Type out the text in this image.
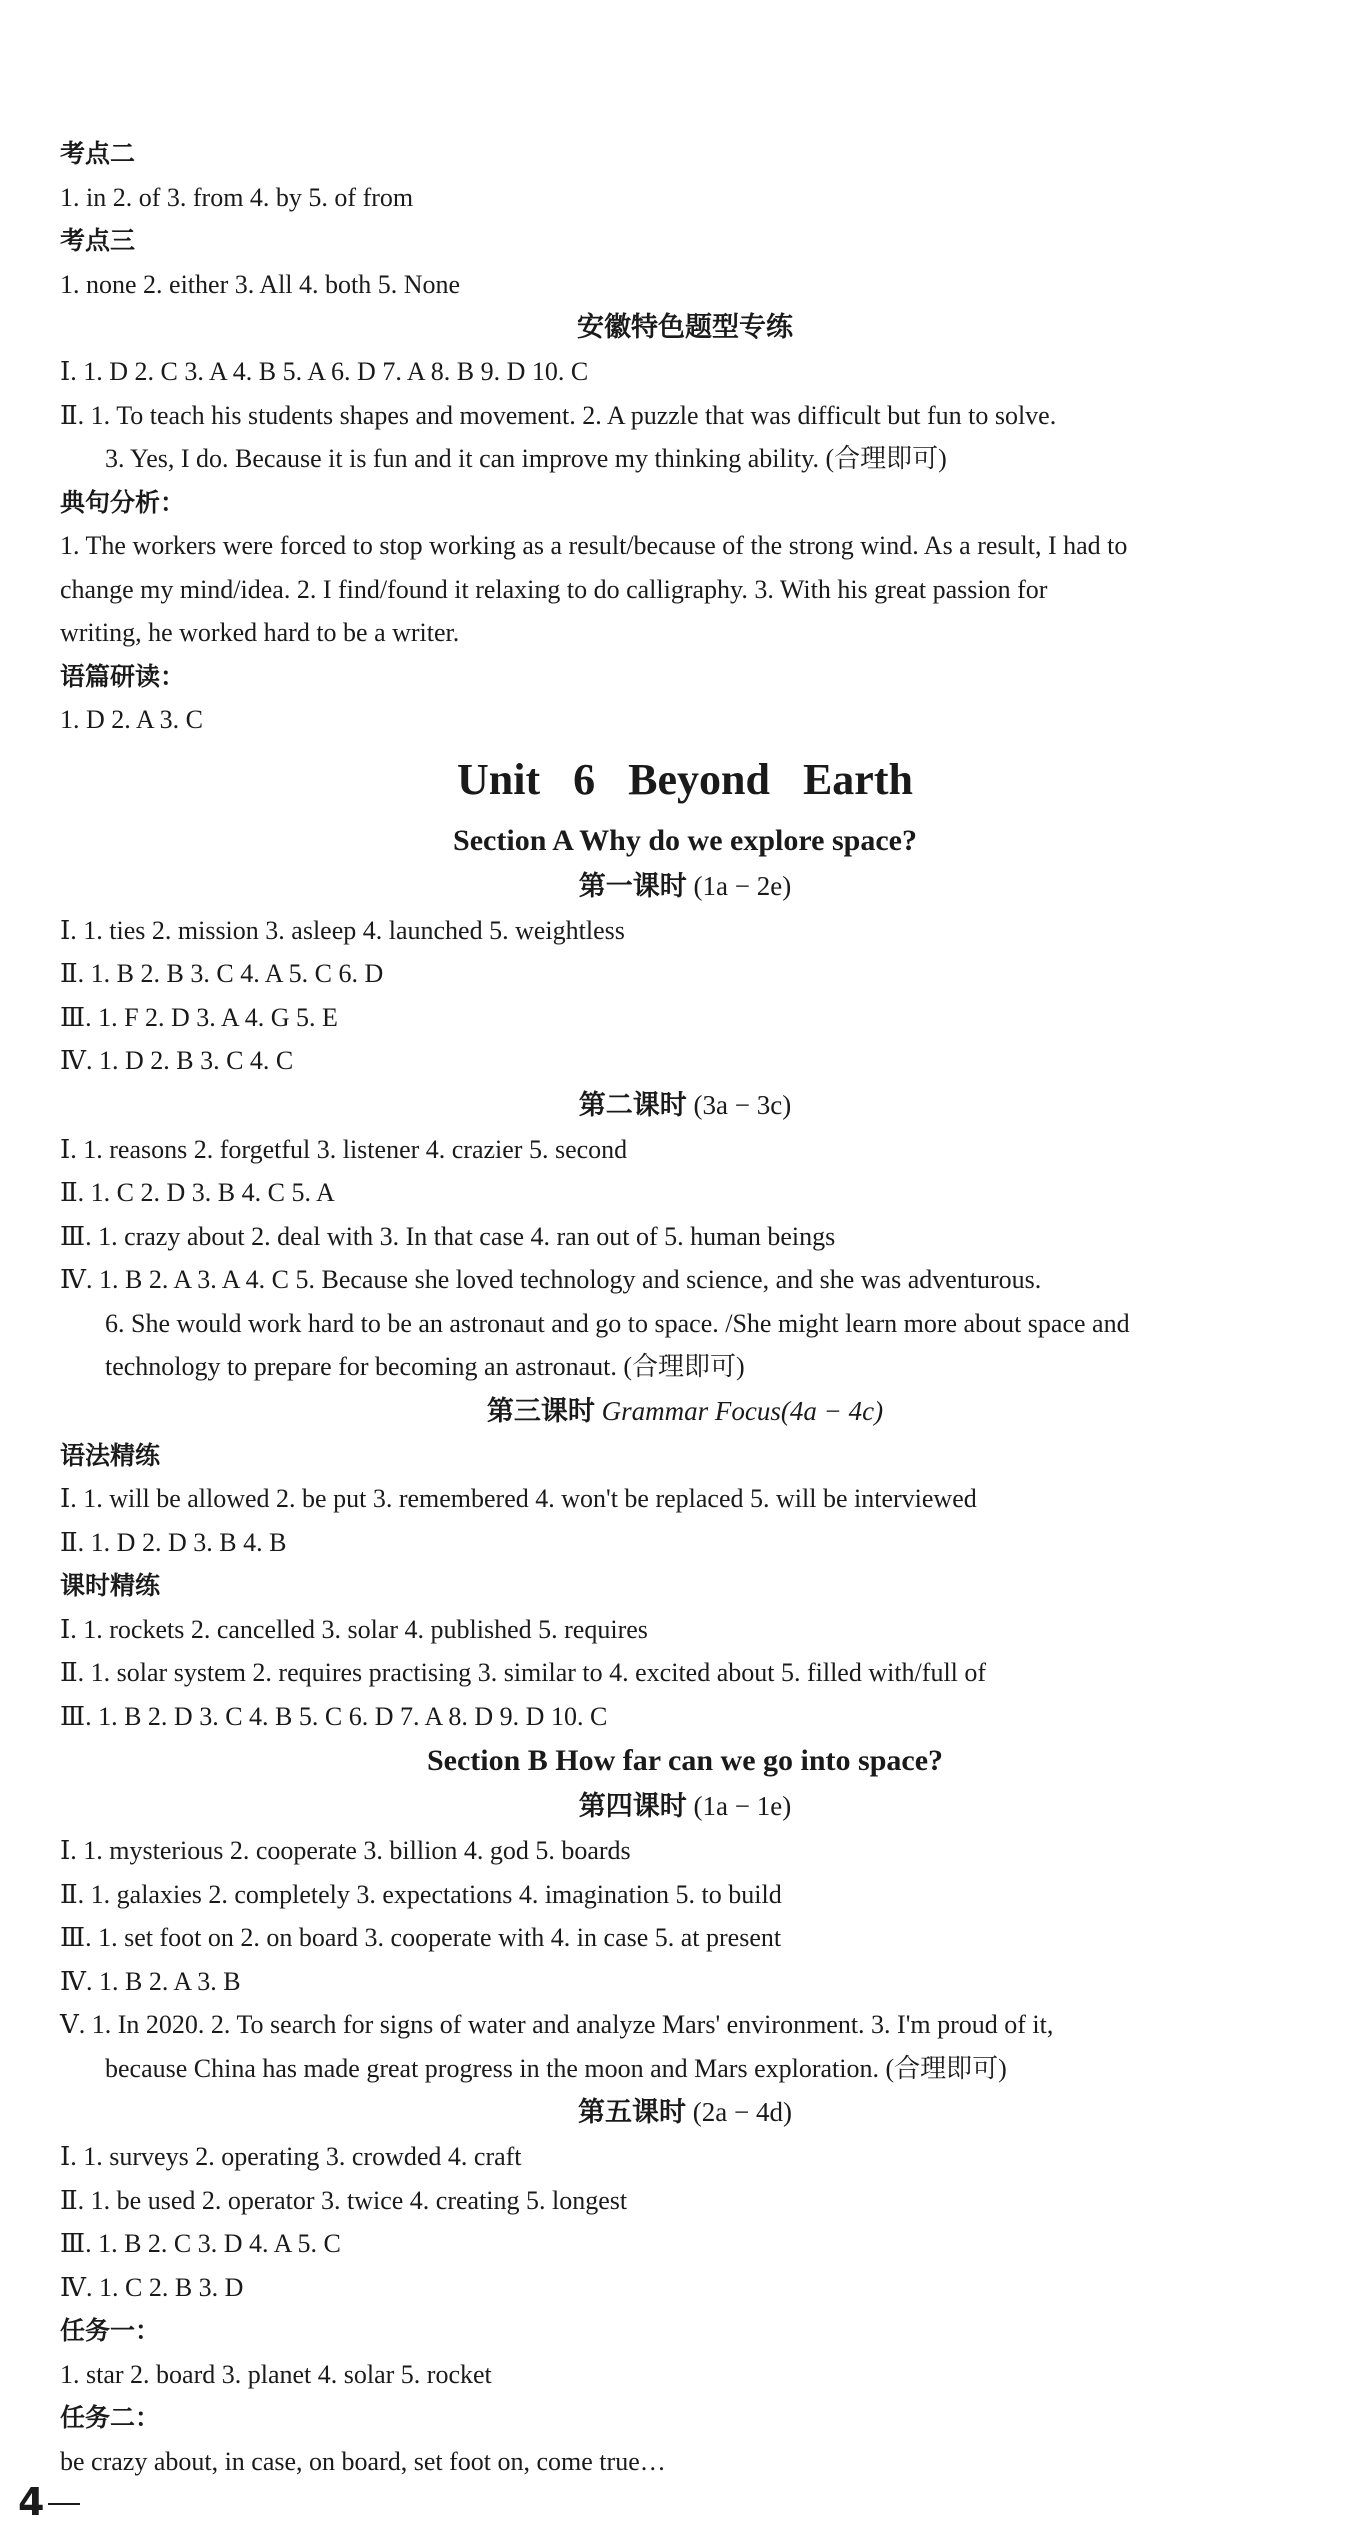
考点二
1. in 2. of 3. from 4. by 5. of from
考点三
1. none 2. either 3. All 4. both 5. None
安徽特色题型专练
Ⅰ. 1. D 2. C 3. A 4. B 5. A 6. D 7. A 8. B 9. D 10. C
Ⅱ. 1. To teach his students shapes and movement. 2. A puzzle that was difficult but fun to solve.
3. Yes, I do. Because it is fun and it can improve my thinking ability. (合理即可)
典句分析：
1. The workers were forced to stop working as a result/because of the strong wind. As a result, I had to
change my mind/idea. 2. I find/found it relaxing to do calligraphy. 3. With his great passion for
writing, he worked hard to be a writer.
语篇研读：
1. D 2. A 3. C
Unit 6 Beyond Earth
Section A Why do we explore space?
第一课时 (1a − 2e)
Ⅰ. 1. ties 2. mission 3. asleep 4. launched 5. weightless
Ⅱ. 1. B 2. B 3. C 4. A 5. C 6. D
Ⅲ. 1. F 2. D 3. A 4. G 5. E
Ⅳ. 1. D 2. B 3. C 4. C
第二课时 (3a − 3c)
Ⅰ. 1. reasons 2. forgetful 3. listener 4. crazier 5. second
Ⅱ. 1. C 2. D 3. B 4. C 5. A
Ⅲ. 1. crazy about 2. deal with 3. In that case 4. ran out of 5. human beings
Ⅳ. 1. B 2. A 3. A 4. C 5. Because she loved technology and science, and she was adventurous.
6. She would work hard to be an astronaut and go to space. /She might learn more about space and
technology to prepare for becoming an astronaut. (合理即可)
第三课时 Grammar Focus(4a − 4c)
语法精练
Ⅰ. 1. will be allowed 2. be put 3. remembered 4. won't be replaced 5. will be interviewed
Ⅱ. 1. D 2. D 3. B 4. B
课时精练
Ⅰ. 1. rockets 2. cancelled 3. solar 4. published 5. requires
Ⅱ. 1. solar system 2. requires practising 3. similar to 4. excited about 5. filled with/full of
Ⅲ. 1. B 2. D 3. C 4. B 5. C 6. D 7. A 8. D 9. D 10. C
Section B How far can we go into space?
第四课时 (1a − 1e)
Ⅰ. 1. mysterious 2. cooperate 3. billion 4. god 5. boards
Ⅱ. 1. galaxies 2. completely 3. expectations 4. imagination 5. to build
Ⅲ. 1. set foot on 2. on board 3. cooperate with 4. in case 5. at present
Ⅳ. 1. B 2. A 3. B
Ⅴ. 1. In 2020. 2. To search for signs of water and analyze Mars' environment. 3. I'm proud of it,
because China has made great progress in the moon and Mars exploration. (合理即可)
第五课时 (2a − 4d)
Ⅰ. 1. surveys 2. operating 3. crowded 4. craft
Ⅱ. 1. be used 2. operator 3. twice 4. creating 5. longest
Ⅲ. 1. B 2. C 3. D 4. A 5. C
Ⅳ. 1. C 2. B 3. D
任务一：
1. star 2. board 3. planet 4. solar 5. rocket
任务二：
be crazy about, in case, on board, set foot on, come true…
4
